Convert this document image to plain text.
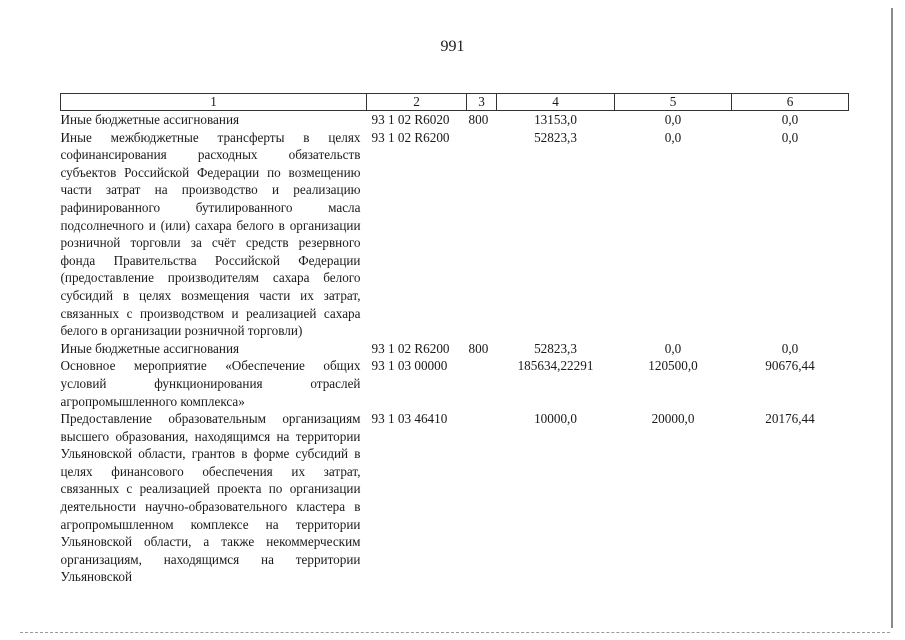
991
1	2	3	4	5	6
Иные бюджетные ассигнования	93 1 02 R6020	800	13153,0	0,0	0,0
Иные межбюджетные трансферты в целях софинансирования расходных обязательств субъектов Российской Федерации по возмещению части затрат на производство и реализацию рафинированного бутилированного масла подсолнечного и (или) сахара белого в организации розничной торговли за счёт средств резервного фонда Правительства Российской Федерации (предоставление производителям сахара белого субсидий в целях возмещения части их затрат, связанных с производством и реализацией сахара белого в организации розничной торговли)	93 1 02 R6200		52823,3	0,0	0,0
Иные бюджетные ассигнования	93 1 02 R6200	800	52823,3	0,0	0,0
Основное мероприятие «Обеспечение общих условий функционирования отраслей агропромышленного комплекса»	93 1 03 00000		185634,22291	120500,0	90676,44
Предоставление образовательным организациям высшего образования, находящимся на территории Ульяновской области, грантов в форме субсидий в целях финансового обеспечения их затрат, связанных с реализацией проекта по организации деятельности научно-образовательного кластера в агропромышленном комплексе на территории Ульяновской области, а также некоммерческим организациям, находящимся на территории Ульяновской	93 1 03 46410		10000,0	20000,0	20176,44
